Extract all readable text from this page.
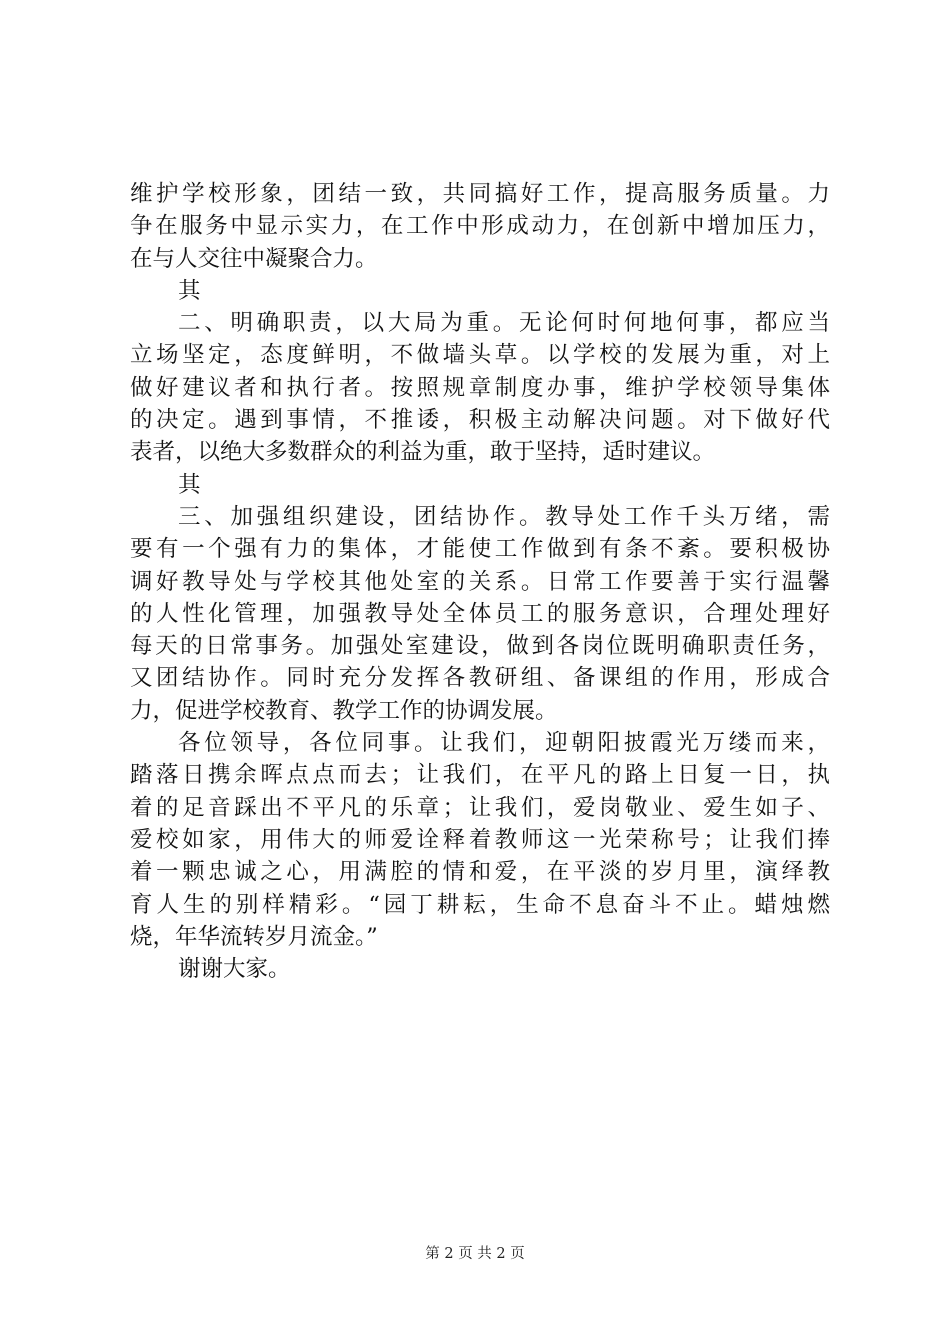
维护学校形象，团结一致，共同搞好工作，提高服务质量。力
争在服务中显示实力，在工作中形成动力，在创新中增加压力，
在与人交往中凝聚合力。
其
二、明确职责，以大局为重。无论何时何地何事，都应当
立场坚定，态度鲜明，不做墙头草。以学校的发展为重，对上
做好建议者和执行者。按照规章制度办事，维护学校领导集体
的决定。遇到事情，不推诿，积极主动解决问题。对下做好代
表者，以绝大多数群众的利益为重，敢于坚持，适时建议。
其
三、加强组织建设，团结协作。教导处工作千头万绪，需
要有一个强有力的集体，才能使工作做到有条不紊。要积极协
调好教导处与学校其他处室的关系。日常工作要善于实行温馨
的人性化管理，加强教导处全体员工的服务意识，合理处理好
每天的日常事务。加强处室建设，做到各岗位既明确职责任务，
又团结协作。同时充分发挥各教研组、备课组的作用，形成合
力，促进学校教育、教学工作的协调发展。
各位领导，各位同事。让我们，迎朝阳披霞光万缕而来，
踏落日携余晖点点而去；让我们，在平凡的路上日复一日，执
着的足音踩出不平凡的乐章；让我们，爱岗敬业、爱生如子、
爱校如家，用伟大的师爱诠释着教师这一光荣称号；让我们捧
着一颗忠诚之心，用满腔的情和爱，在平淡的岁月里，演绎教
育人生的别样精彩。“园丁耕耘，生命不息奋斗不止。蜡烛燃
烧，年华流转岁月流金。”
谢谢大家。
第 2 页 共 2 页
